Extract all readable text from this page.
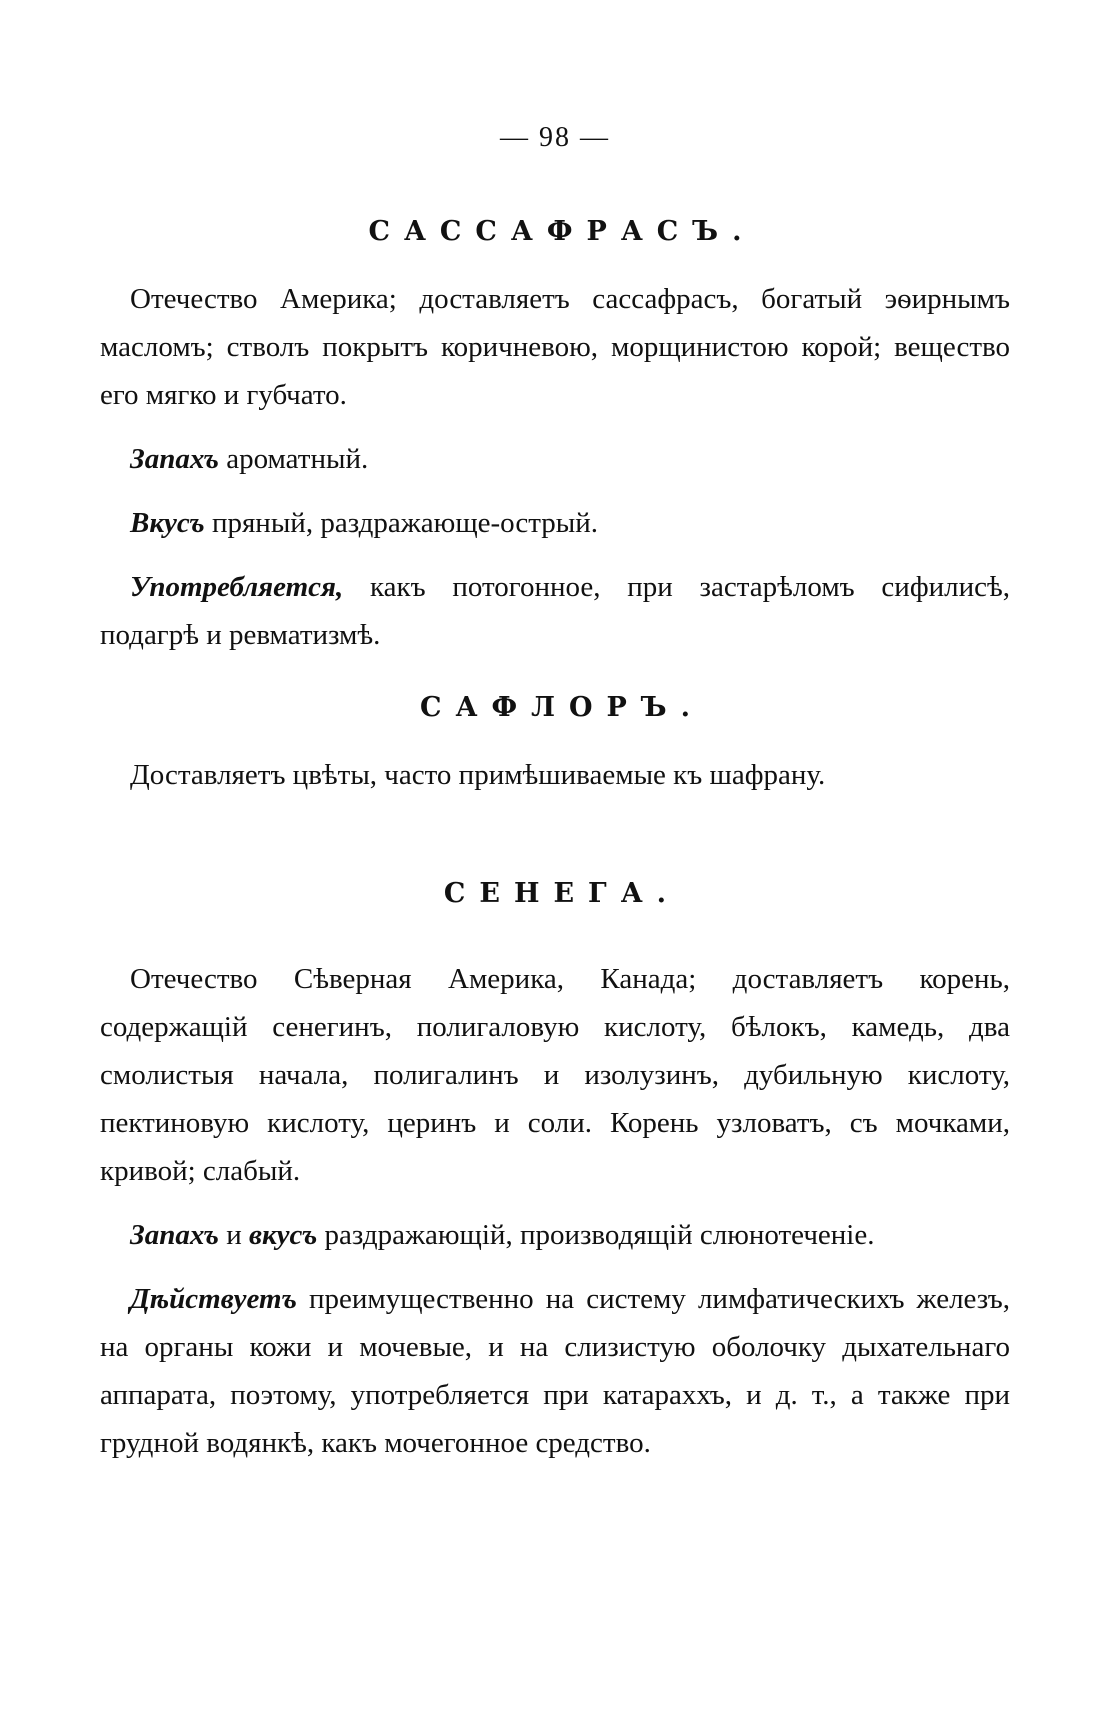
— 98 —
САССАФРАСЪ.

Отечество Америка; доставляетъ сассафрасъ, богатый эѳирнымъ масломъ; стволъ покрытъ коричневою, морщинистою корой; вещество его мягко и губчато.

Запахъ ароматный.

Вкусъ пряный, раздражающе-острый.

Употребляется, какъ потогонное, при застарѣломъ сифилисѣ, подагрѣ и ревматизмѣ.

САФЛОРЪ.

Доставляетъ цвѣты, часто примѣшиваемые къ шафрану.

СЕНЕГА.

Отечество Сѣверная Америка, Канада; доставляетъ корень, содержащій сенегинъ, полигаловую кислоту, бѣлокъ, камедь, два смолистыя начала, полигалинъ и изолузинъ, дубильную кислоту, пектиновую кислоту, церинъ и соли. Корень узловатъ, съ мочками, кривой; слабый.

Запахъ и вкусъ раздражающій, производящій слюнотеченіе.

Дѣйствуетъ преимущественно на систему лимфатическихъ железъ, на органы кожи и мочевые, и на слизистую оболочку дыхательнаго аппарата, поэтому, употребляется при катараххъ, и д. т., а также при грудной водянкѣ, какъ мочегонное средство.
